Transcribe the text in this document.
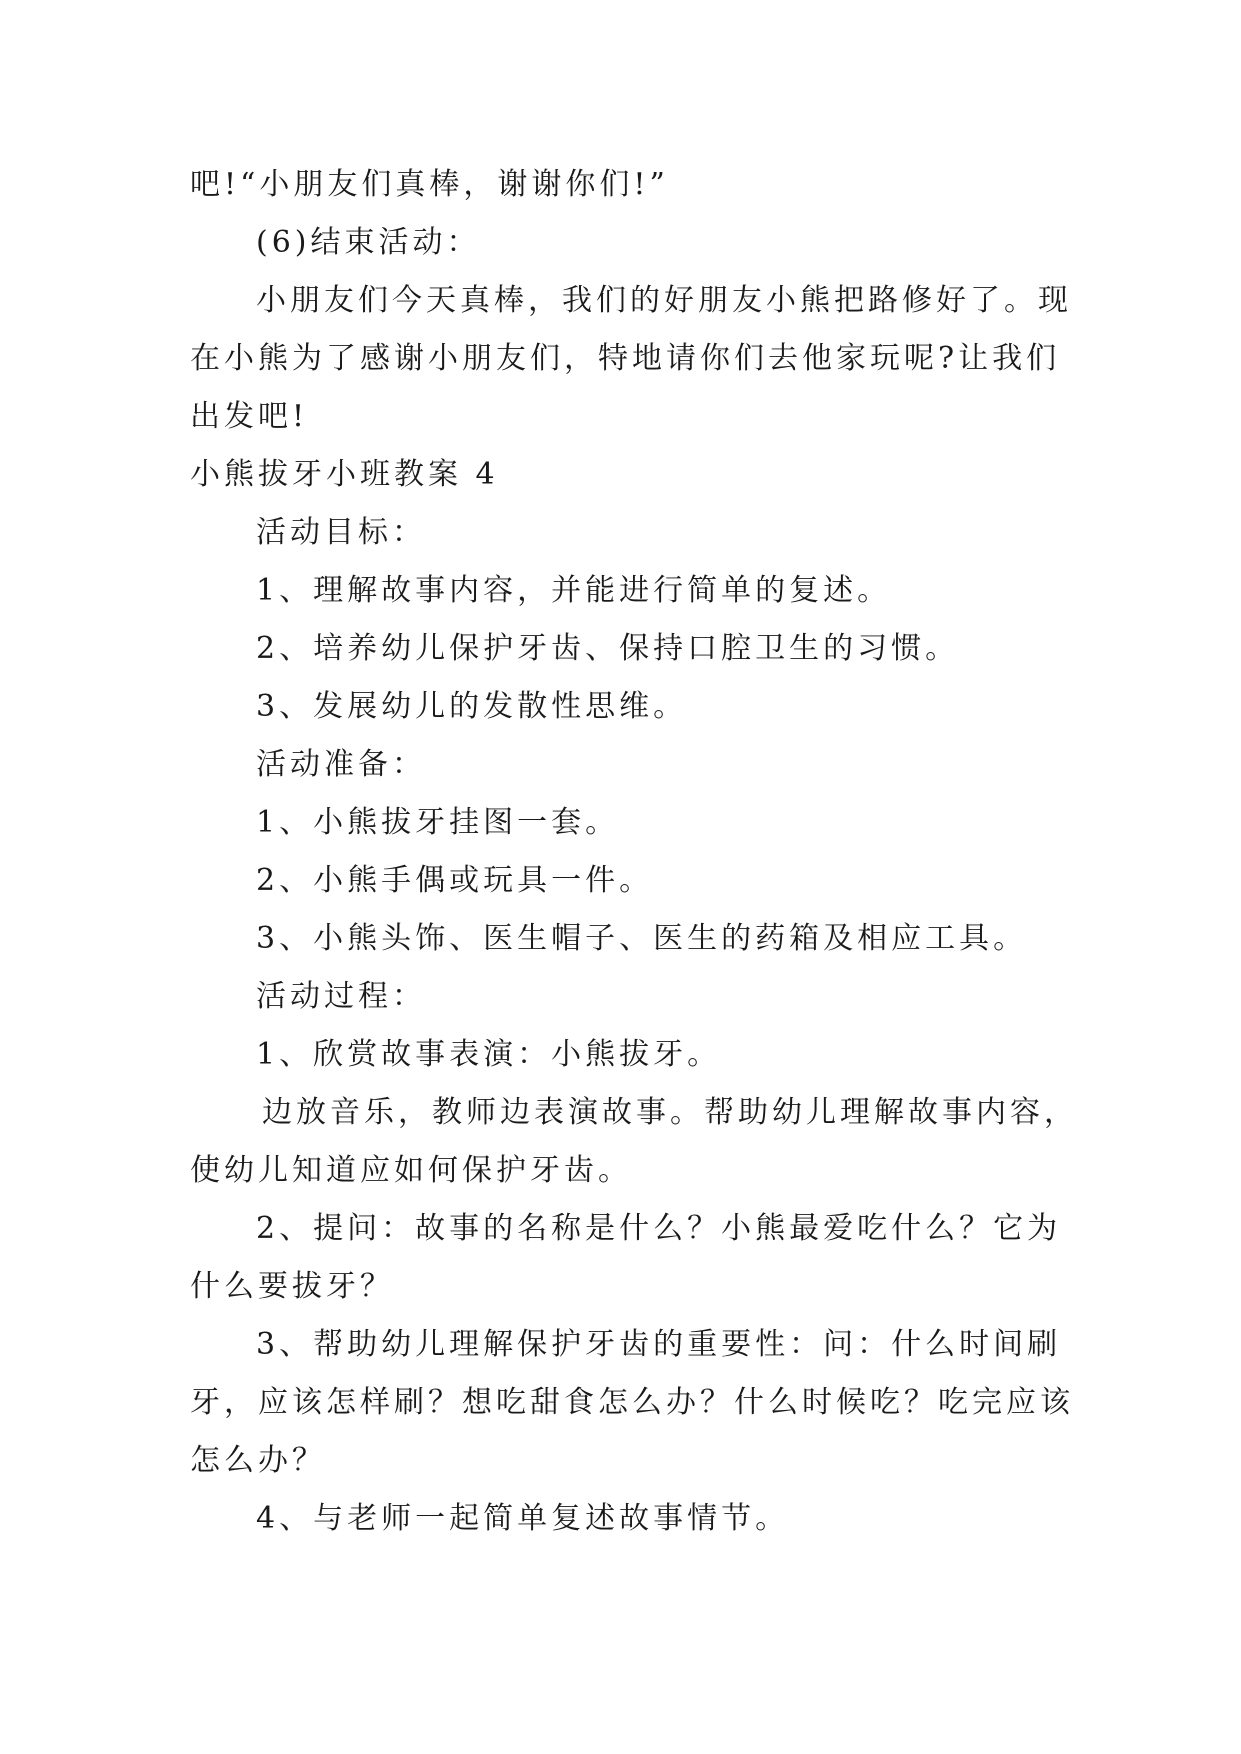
吧!“小朋友们真棒，谢谢你们!”
(6)结束活动：
小朋友们今天真棒，我们的好朋友小熊把路修好了。现
在小熊为了感谢小朋友们，特地请你们去他家玩呢?让我们
出发吧!
小熊拔牙小班教案 4
活动目标：
1、理解故事内容，并能进行简单的复述。
2、培养幼儿保护牙齿、保持口腔卫生的习惯。
3、发展幼儿的发散性思维。
活动准备：
1、小熊拔牙挂图一套。
2、小熊手偶或玩具一件。
3、小熊头饰、医生帽子、医生的药箱及相应工具。
活动过程：
1、欣赏故事表演：小熊拔牙。
边放音乐，教师边表演故事。帮助幼儿理解故事内容，
使幼儿知道应如何保护牙齿。
2、提问：故事的名称是什么？小熊最爱吃什么？它为
什么要拔牙？
3、帮助幼儿理解保护牙齿的重要性：问：什么时间刷
牙，应该怎样刷？想吃甜食怎么办？什么时候吃？吃完应该
怎么办？
4、与老师一起简单复述故事情节。
